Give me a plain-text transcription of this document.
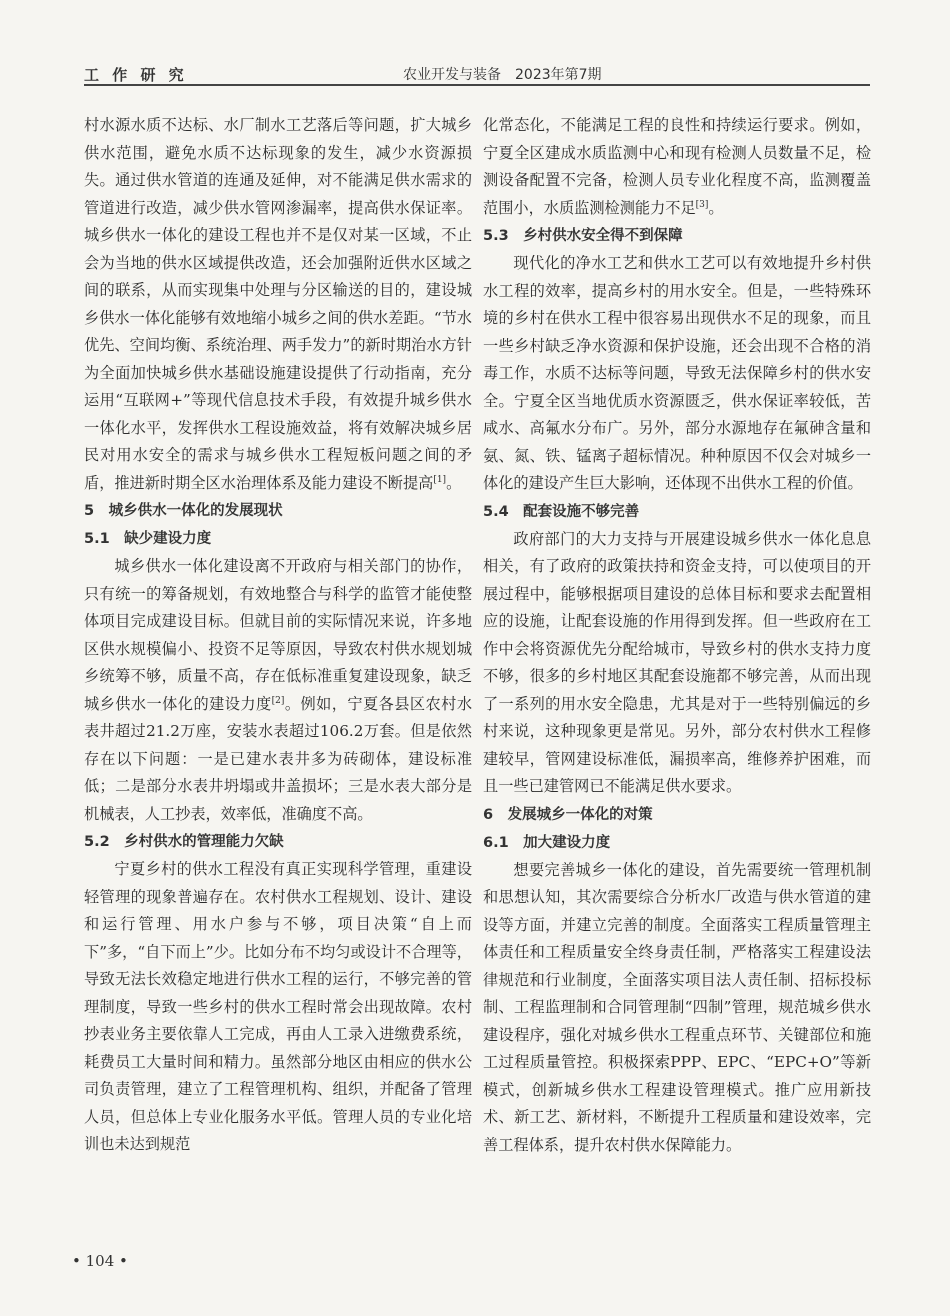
工 作 研 究	农业开发与装备　2023年第7期

村水源水质不达标、水厂制水工艺落后等问题，扩大城乡供水范围，避免水质不达标现象的发生，减少水资源损失。通过供水管道的连通及延伸，对不能满足供水需求的管道进行改造，减少供水管网渗漏率，提高供水保证率。城乡供水一体化的建设工程也并不是仅对某一区域，不止会为当地的供水区域提供改造，还会加强附近供水区域之间的联系，从而实现集中处理与分区输送的目的，建设城乡供水一体化能够有效地缩小城乡之间的供水差距。“节水优先、空间均衡、系统治理、两手发力”的新时期治水方针为全面加快城乡供水基础设施建设提供了行动指南，充分运用“互联网+”等现代信息技术手段，有效提升城乡供水一体化水平，发挥供水工程设施效益，将有效解决城乡居民对用水安全的需求与城乡供水工程短板问题之间的矛盾，推进新时期全区水治理体系及能力建设不断提高[1]。

5　城乡供水一体化的发展现状

5.1　缺少建设力度

城乡供水一体化建设离不开政府与相关部门的协作，只有统一的筹备规划，有效地整合与科学的监管才能使整体项目完成建设目标。但就目前的实际情况来说，许多地区供水规模偏小、投资不足等原因，导致农村供水规划城乡统筹不够，质量不高，存在低标准重复建设现象，缺乏城乡供水一体化的建设力度[2]。例如，宁夏各县区农村水表井超过21.2万座，安装水表超过106.2万套。但是依然存在以下问题：一是已建水表井多为砖砌体，建设标准低；二是部分水表井坍塌或井盖损坏；三是水表大部分是机械表，人工抄表，效率低，准确度不高。

5.2　乡村供水的管理能力欠缺

宁夏乡村的供水工程没有真正实现科学管理，重建设轻管理的现象普遍存在。农村供水工程规划、设计、建设和运行管理、用水户参与不够，项目决策“自上而下”多，“自下而上”少。比如分布不均匀或设计不合理等，导致无法长效稳定地进行供水工程的运行，不够完善的管理制度，导致一些乡村的供水工程时常会出现故障。农村抄表业务主要依靠人工完成，再由人工录入进缴费系统，耗费员工大量时间和精力。虽然部分地区由相应的供水公司负责管理，建立了工程管理机构、组织，并配备了管理人员，但总体上专业化服务水平低。管理人员的专业化培训也未达到规范

化常态化，不能满足工程的良性和持续运行要求。例如，宁夏全区建成水质监测中心和现有检测人员数量不足，检测设备配置不完备，检测人员专业化程度不高，监测覆盖范围小，水质监测检测能力不足[3]。

5.3　乡村供水安全得不到保障

现代化的净水工艺和供水工艺可以有效地提升乡村供水工程的效率，提高乡村的用水安全。但是，一些特殊环境的乡村在供水工程中很容易出现供水不足的现象，而且一些乡村缺乏净水资源和保护设施，还会出现不合格的消毒工作，水质不达标等问题，导致无法保障乡村的供水安全。宁夏全区当地优质水资源匮乏，供水保证率较低，苦咸水、高氟水分布广。另外，部分水源地存在氟砷含量和氨、氮、铁、锰离子超标情况。种种原因不仅会对城乡一体化的建设产生巨大影响，还体现不出供水工程的价值。

5.4　配套设施不够完善

政府部门的大力支持与开展建设城乡供水一体化息息相关，有了政府的政策扶持和资金支持，可以使项目的开展过程中，能够根据项目建设的总体目标和要求去配置相应的设施，让配套设施的作用得到发挥。但一些政府在工作中会将资源优先分配给城市，导致乡村的供水支持力度不够，很多的乡村地区其配套设施都不够完善，从而出现了一系列的用水安全隐患，尤其是对于一些特别偏远的乡村来说，这种现象更是常见。另外，部分农村供水工程修建较早，管网建设标准低，漏损率高，维修养护困难，而且一些已建管网已不能满足供水要求。

6　发展城乡一体化的对策

6.1　加大建设力度

想要完善城乡一体化的建设，首先需要统一管理机制和思想认知，其次需要综合分析水厂改造与供水管道的建设等方面，并建立完善的制度。全面落实工程质量管理主体责任和工程质量安全终身责任制，严格落实工程建设法律规范和行业制度，全面落实项目法人责任制、招标投标制、工程监理制和合同管理制“四制”管理，规范城乡供水建设程序，强化对城乡供水工程重点环节、关键部位和施工过程质量管控。积极探索PPP、EPC、“EPC+O”等新模式，创新城乡供水工程建设管理模式。推广应用新技术、新工艺、新材料，不断提升工程质量和建设效率，完善工程体系，提升农村供水保障能力。

• 104 •
